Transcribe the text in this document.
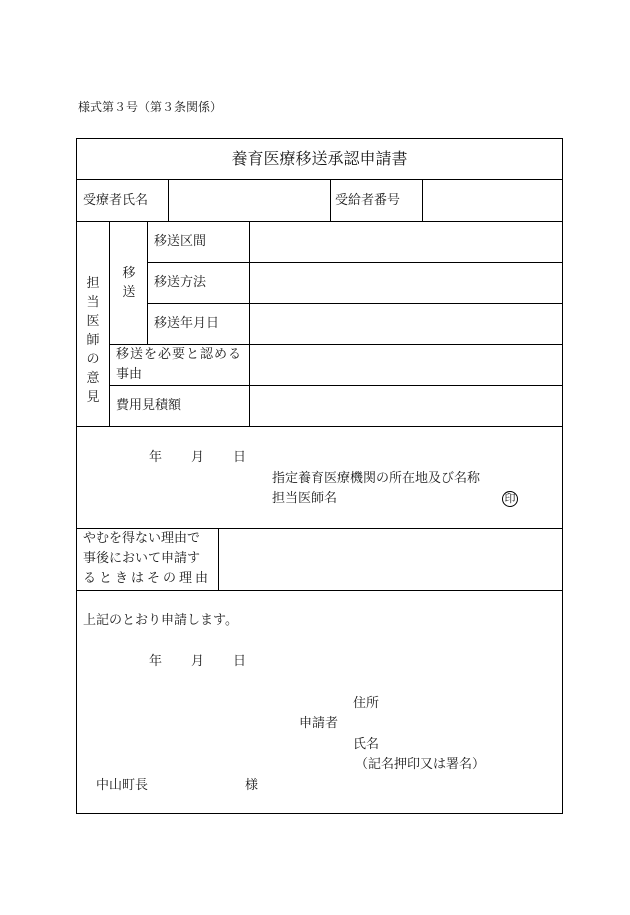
様式第３号（第３条関係）
養育医療移送承認申請書
受療者氏名	受給者番号
担当医師の意見
移送
移送区間
移送方法
移送年月日
移送を必要と認める
事由
費用見積額
年 月 日
指定養育医療機関の所在地及び名称
担当医師名	印
やむを得ない理由で
事後において申請す
るときはその理由
上記のとおり申請します。
年 月 日
住所
申請者
氏名
（記名押印又は署名）
中山町長	様
